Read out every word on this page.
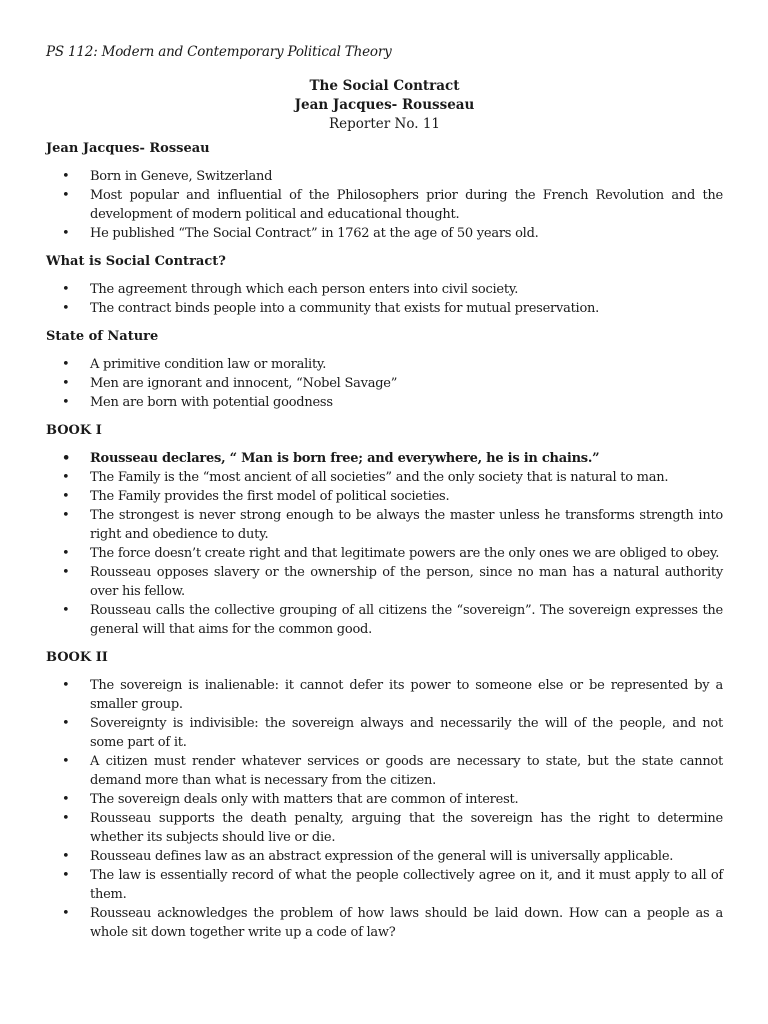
PS 112: Modern and Contemporary Political Theory
The Social Contract
Jean Jacques- Rousseau
Reporter No. 11
Jean Jacques- Rosseau
• Born in Geneve, Switzerland
• Most popular and influential of the Philosophers prior during the French Revolution and the development of modern political and educational thought.
• He published “The Social Contract” in 1762 at the age of 50 years old.
What is Social Contract?
• The agreement through which each person enters into civil society.
• The contract binds people into a community that exists for mutual preservation.
State of Nature
• A primitive condition law or morality.
• Men are ignorant and innocent, “Nobel Savage”
• Men are born with potential goodness
BOOK I
• Rousseau declares, “ Man is born free; and everywhere, he is in chains.”
• The Family is the “most ancient of all societies” and the only society that is natural to man.
• The Family provides the first model of political societies.
• The strongest is never strong enough to be always the master unless he transforms strength into right and obedience to duty.
• The force doesn’t create right and that legitimate powers are the only ones we are obliged to obey.
• Rousseau opposes slavery or the ownership of the person, since no man has a natural authority over his fellow.
• Rousseau calls the collective grouping of all citizens the “sovereign”. The sovereign expresses the general will that aims for the common good.
BOOK II
• The sovereign is inalienable: it cannot defer its power to someone else or be represented by a smaller group.
• Sovereignty is indivisible: the sovereign always and necessarily the will of the people, and not some part of it.
• A citizen must render whatever services or goods are necessary to state, but the state cannot demand more than what is necessary from the citizen.
• The sovereign deals only with matters that are common of interest.
• Rousseau supports the death penalty, arguing that the sovereign has the right to determine whether its subjects should live or die.
• Rousseau defines law as an abstract expression of the general will is universally applicable.
• The law is essentially record of what the people collectively agree on it, and it must apply to all of them.
• Rousseau acknowledges the problem of how laws should be laid down. How can a people as a whole sit down together write up a code of law?
